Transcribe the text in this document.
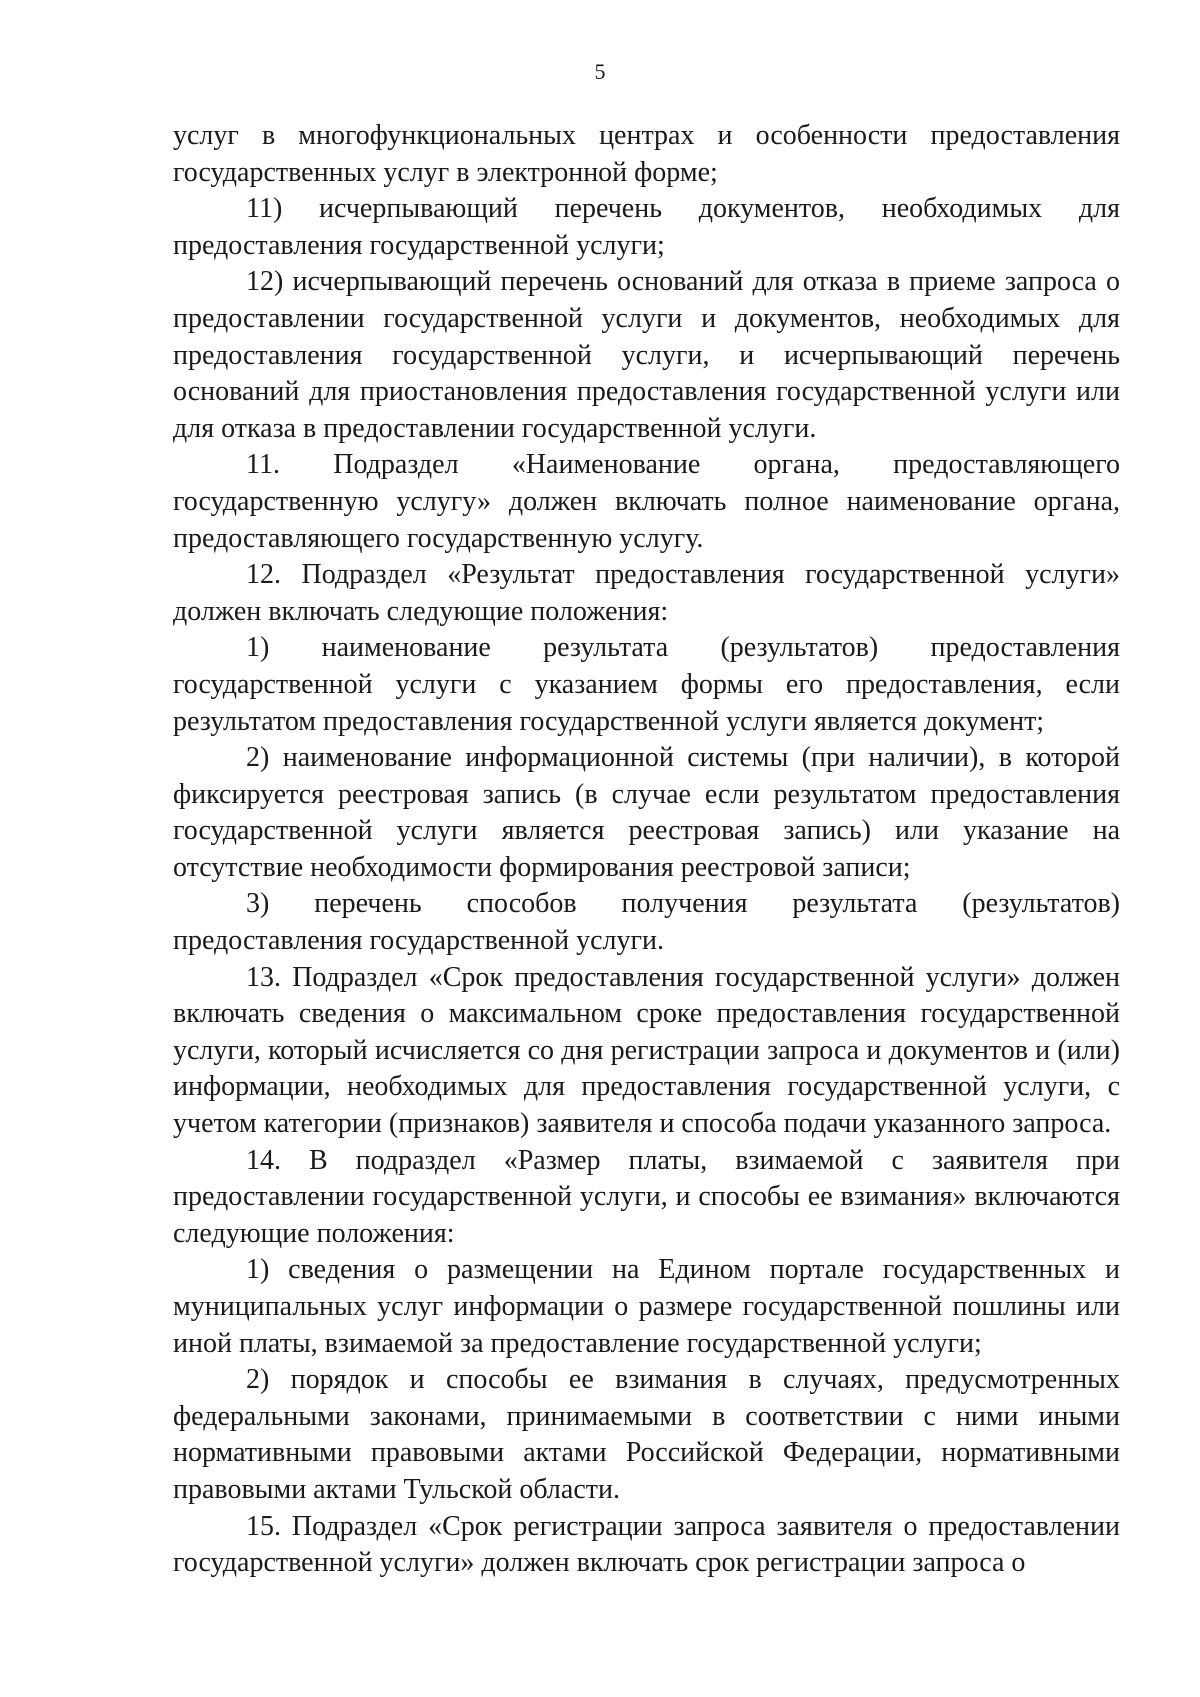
5

услуг в многофункциональных центрах и особенности предоставления государственных услуг в электронной форме;

11) исчерпывающий перечень документов, необходимых для предоставления государственной услуги;

12) исчерпывающий перечень оснований для отказа в приеме запроса о предоставлении государственной услуги и документов, необходимых для предоставления государственной услуги, и исчерпывающий перечень оснований для приостановления предоставления государственной услуги или для отказа в предоставлении государственной услуги.

11. Подраздел «Наименование органа, предоставляющего государственную услугу» должен включать полное наименование органа, предоставляющего государственную услугу.

12. Подраздел «Результат предоставления государственной услуги» должен включать следующие положения:

1) наименование результата (результатов) предоставления государственной услуги с указанием формы его предоставления, если результатом предоставления государственной услуги является документ;

2) наименование информационной системы (при наличии), в которой фиксируется реестровая запись (в случае если результатом предоставления государственной услуги является реестровая запись) или указание на отсутствие необходимости формирования реестровой записи;

3) перечень способов получения результата (результатов) предоставления государственной услуги.

13. Подраздел «Срок предоставления государственной услуги» должен включать сведения о максимальном сроке предоставления государственной услуги, который исчисляется со дня регистрации запроса и документов и (или) информации, необходимых для предоставления государственной услуги, с учетом категории (признаков) заявителя и способа подачи указанного запроса.

14. В подраздел «Размер платы, взимаемой с заявителя при предоставлении государственной услуги, и способы ее взимания» включаются следующие положения:

1) сведения о размещении на Едином портале государственных и муниципальных услуг информации о размере государственной пошлины или иной платы, взимаемой за предоставление государственной услуги;

2) порядок и способы ее взимания в случаях, предусмотренных федеральными законами, принимаемыми в соответствии с ними иными нормативными правовыми актами Российской Федерации, нормативными правовыми актами Тульской области.

15. Подраздел «Срок регистрации запроса заявителя о предоставлении государственной услуги» должен включать срок регистрации запроса о
